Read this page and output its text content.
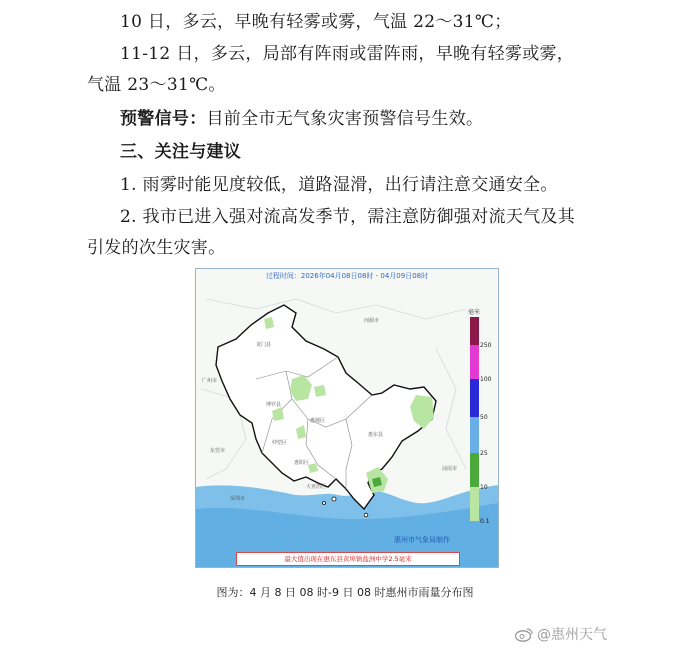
10 日，多云，早晚有轻雾或雾，气温 22～31℃；
11-12 日，多云，局部有阵雨或雷阵雨，早晚有轻雾或雾，
气温 23～31℃。
预警信号：目前全市无气象灾害预警信号生效。
三、关注与建议
1. 雨雾时能见度较低，道路湿滑，出行请注意交通安全。
2. 我市已进入强对流高发季节，需注意防御强对流天气及其
引发的次生灾害。
过程时间：2026年04月08日08时 - 04月09日08时
毫米
250
100
50
25
10
0.1
龙门县
河源市
广州市
博罗县
惠城区
仲恺区
惠阳区
惠东县
东莞市
大亚湾区
深圳市
汕尾市
惠州市气象局制作
最大值出现在惠东县黄埠镇盐洲中学2.5毫米
图为：4 月 8 日 08 时-9 日 08 时惠州市雨量分布图
@惠州天气
